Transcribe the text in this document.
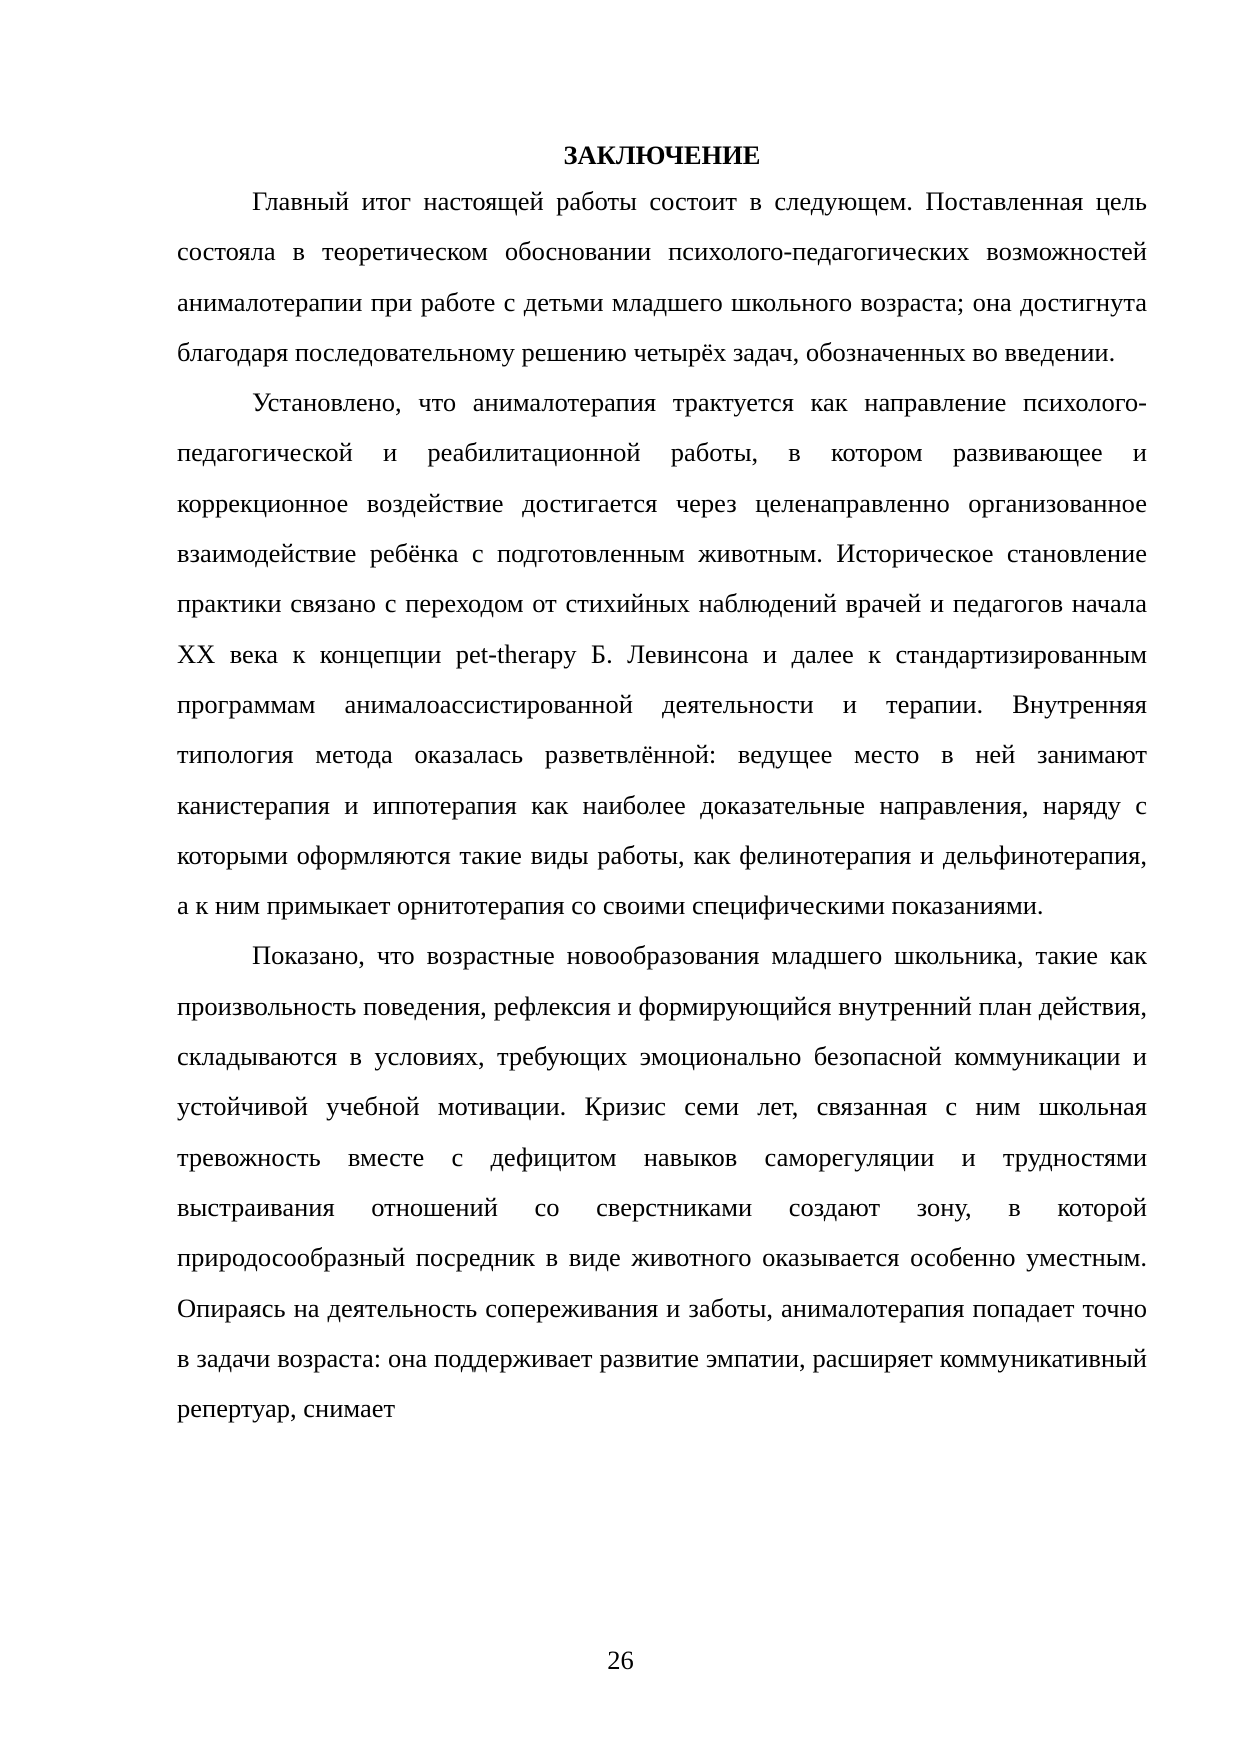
ЗАКЛЮЧЕНИЕ

Главный итог настоящей работы состоит в следующем. Поставленная цель состояла в теоретическом обосновании психолого-педагогических возможностей анималотерапии при работе с детьми младшего школьного возраста; она достигнута благодаря последовательному решению четырёх задач, обозначенных во введении.

Установлено, что анималотерапия трактуется как направление психолого-педагогической и реабилитационной работы, в котором развивающее и коррекционное воздействие достигается через целенаправленно организованное взаимодействие ребёнка с подготовленным животным. Историческое становление практики связано с переходом от стихийных наблюдений врачей и педагогов начала XX века к концепции pet-therapy Б. Левинсона и далее к стандартизированным программам анималоассистированной деятельности и терапии. Внутренняя типология метода оказалась разветвлённой: ведущее место в ней занимают канистерапия и иппотерапия как наиболее доказательные направления, наряду с которыми оформляются такие виды работы, как фелинотерапия и дельфинотерапия, а к ним примыкает орнитотерапия со своими специфическими показаниями.

Показано, что возрастные новообразования младшего школьника, такие как произвольность поведения, рефлексия и формирующийся внутренний план действия, складываются в условиях, требующих эмоционально безопасной коммуникации и устойчивой учебной мотивации. Кризис семи лет, связанная с ним школьная тревожность вместе с дефицитом навыков саморегуляции и трудностями выстраивания отношений со сверстниками создают зону, в которой природосообразный посредник в виде животного оказывается особенно уместным. Опираясь на деятельность сопереживания и заботы, анималотерапия попадает точно в задачи возраста: она поддерживает развитие эмпатии, расширяет коммуникативный репертуар, снимает

26
